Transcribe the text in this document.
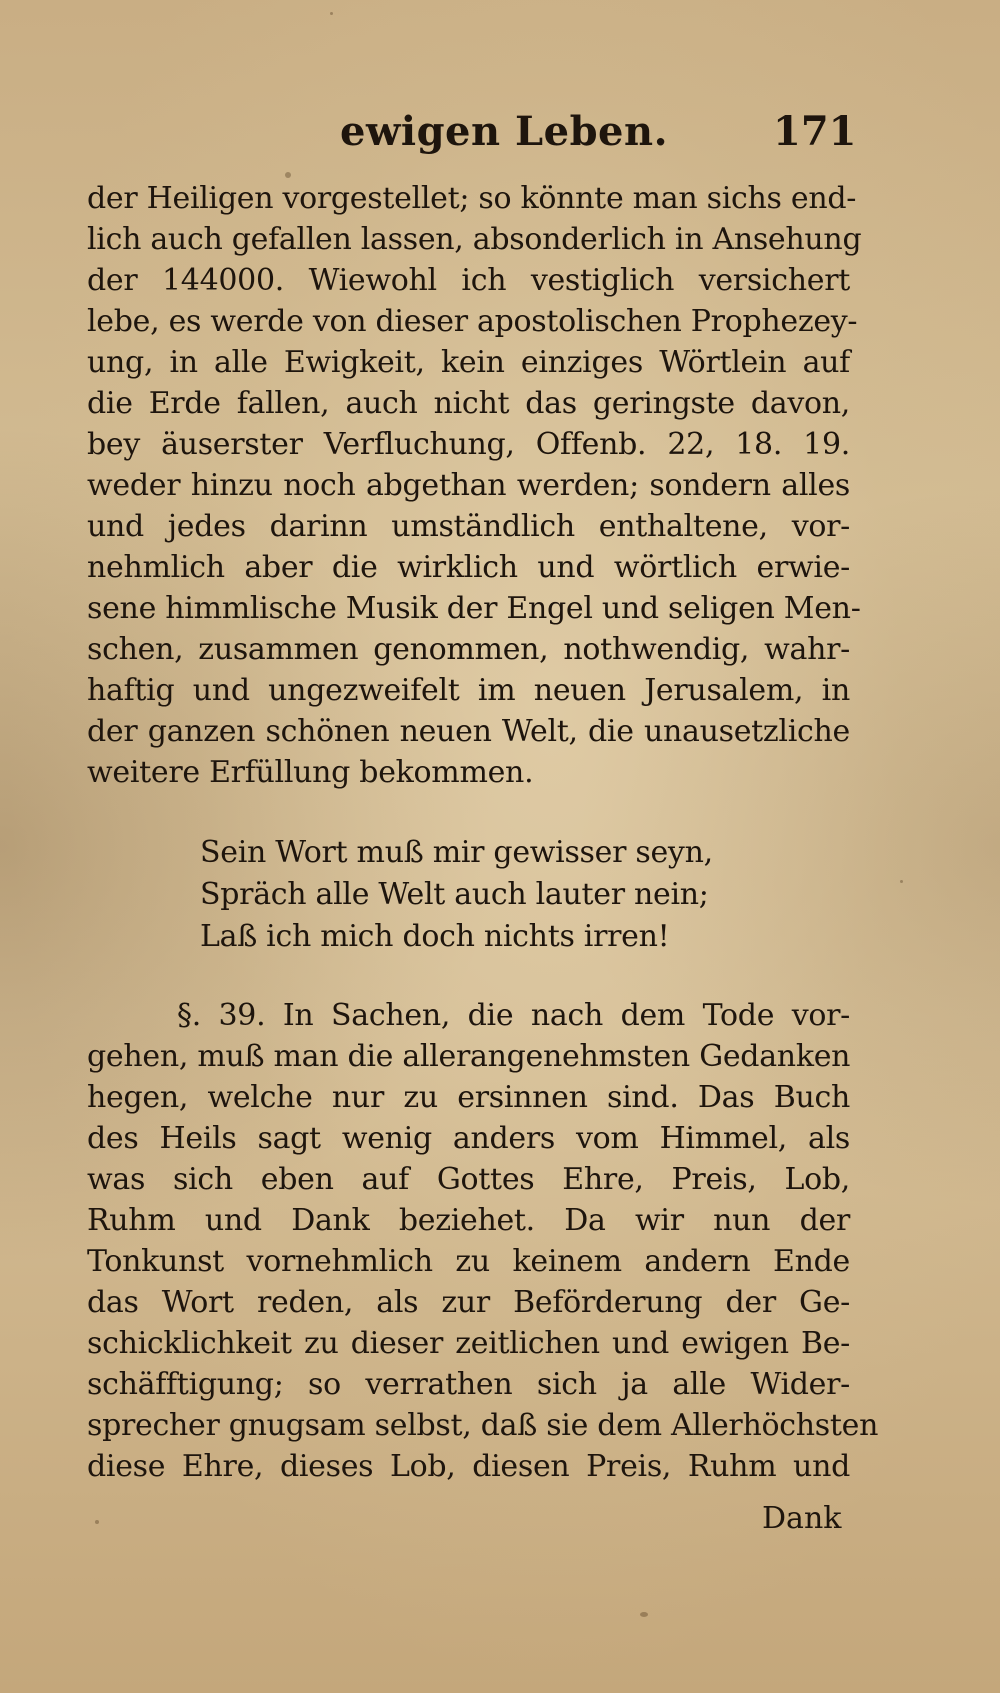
ewigen Leben.	171
der Heiligen vorgestellet; so könnte man sichs end-
lich auch gefallen lassen, absonderlich in Ansehung
der 144000. Wiewohl ich vestiglich versichert
lebe, es werde von dieser apostolischen Prophezey-
ung, in alle Ewigkeit, kein einziges Wörtlein auf
die Erde fallen, auch nicht das geringste davon,
bey äuserster Verfluchung, Offenb. 22, 18. 19.
weder hinzu noch abgethan werden; sondern alles
und jedes darinn umständlich enthaltene, vor-
nehmlich aber die wirklich und wörtlich erwie-
sene himmlische Musik der Engel und seligen Men-
schen, zusammen genommen, nothwendig, wahr-
haftig und ungezweifelt im neuen Jerusalem, in
der ganzen schönen neuen Welt, die unausetzliche
weitere Erfüllung bekommen.
Sein Wort muß mir gewisser seyn,
Spräch alle Welt auch lauter nein;
Laß ich mich doch nichts irren!
§. 39. In Sachen, die nach dem Tode vor-
gehen, muß man die allerangenehmsten Gedanken
hegen, welche nur zu ersinnen sind. Das Buch
des Heils sagt wenig anders vom Himmel, als
was sich eben auf Gottes Ehre, Preis, Lob,
Ruhm und Dank beziehet. Da wir nun der
Tonkunst vornehmlich zu keinem andern Ende
das Wort reden, als zur Beförderung der Ge-
schicklichkeit zu dieser zeitlichen und ewigen Be-
schäfftigung; so verrathen sich ja alle Wider-
sprecher gnugsam selbst, daß sie dem Allerhöchsten
diese Ehre, dieses Lob, diesen Preis, Ruhm und
Dank
